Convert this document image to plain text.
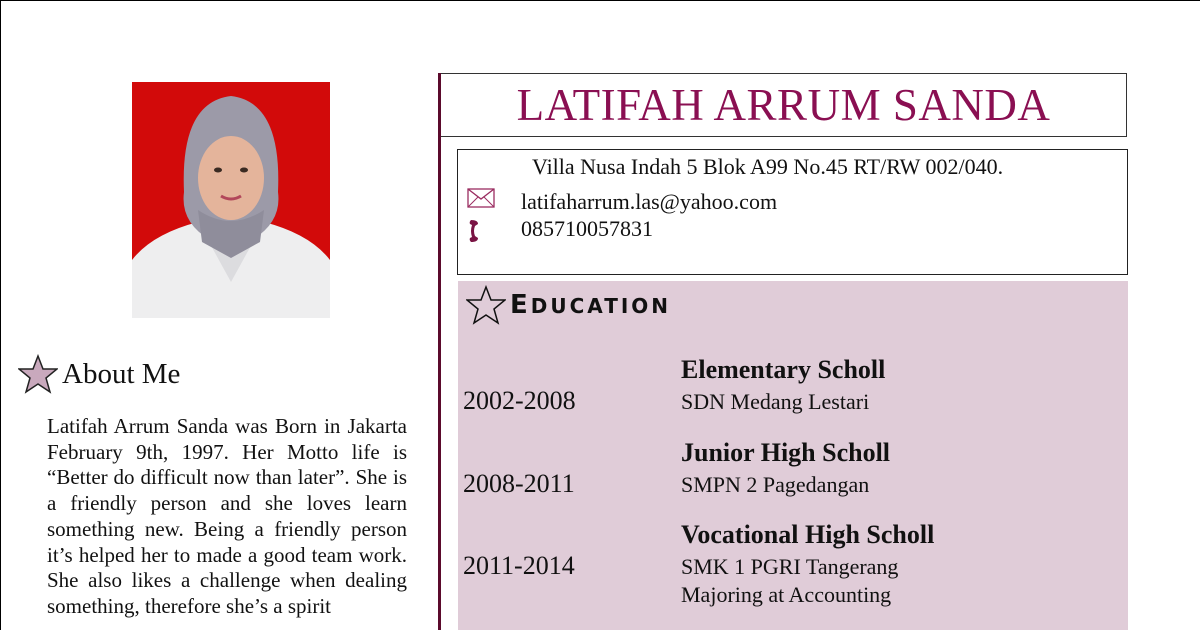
About Me
Latifah Arrum Sanda was Born in Jakarta February 9th, 1997. Her Motto life is “Better do difficult now than later”. She is a friendly person and she loves learn something new. Being a friendly person it’s helped her to made a good team work. She also likes a challenge when dealing something, therefore she’s a spirit
LATIFAH ARRUM SANDA
Villa Nusa Indah 5 Blok A99 No.45 RT/RW 002/040.
latifaharrum.las@yahoo.com
085710057831
EDUCATION
Elementary Scholl
2002-2008	SDN Medang Lestari
Junior High Scholl
2008-2011	SMPN 2 Pagedangan
Vocational High Scholl
2011-2014	SMK 1 PGRI Tangerang
Majoring at Accounting
